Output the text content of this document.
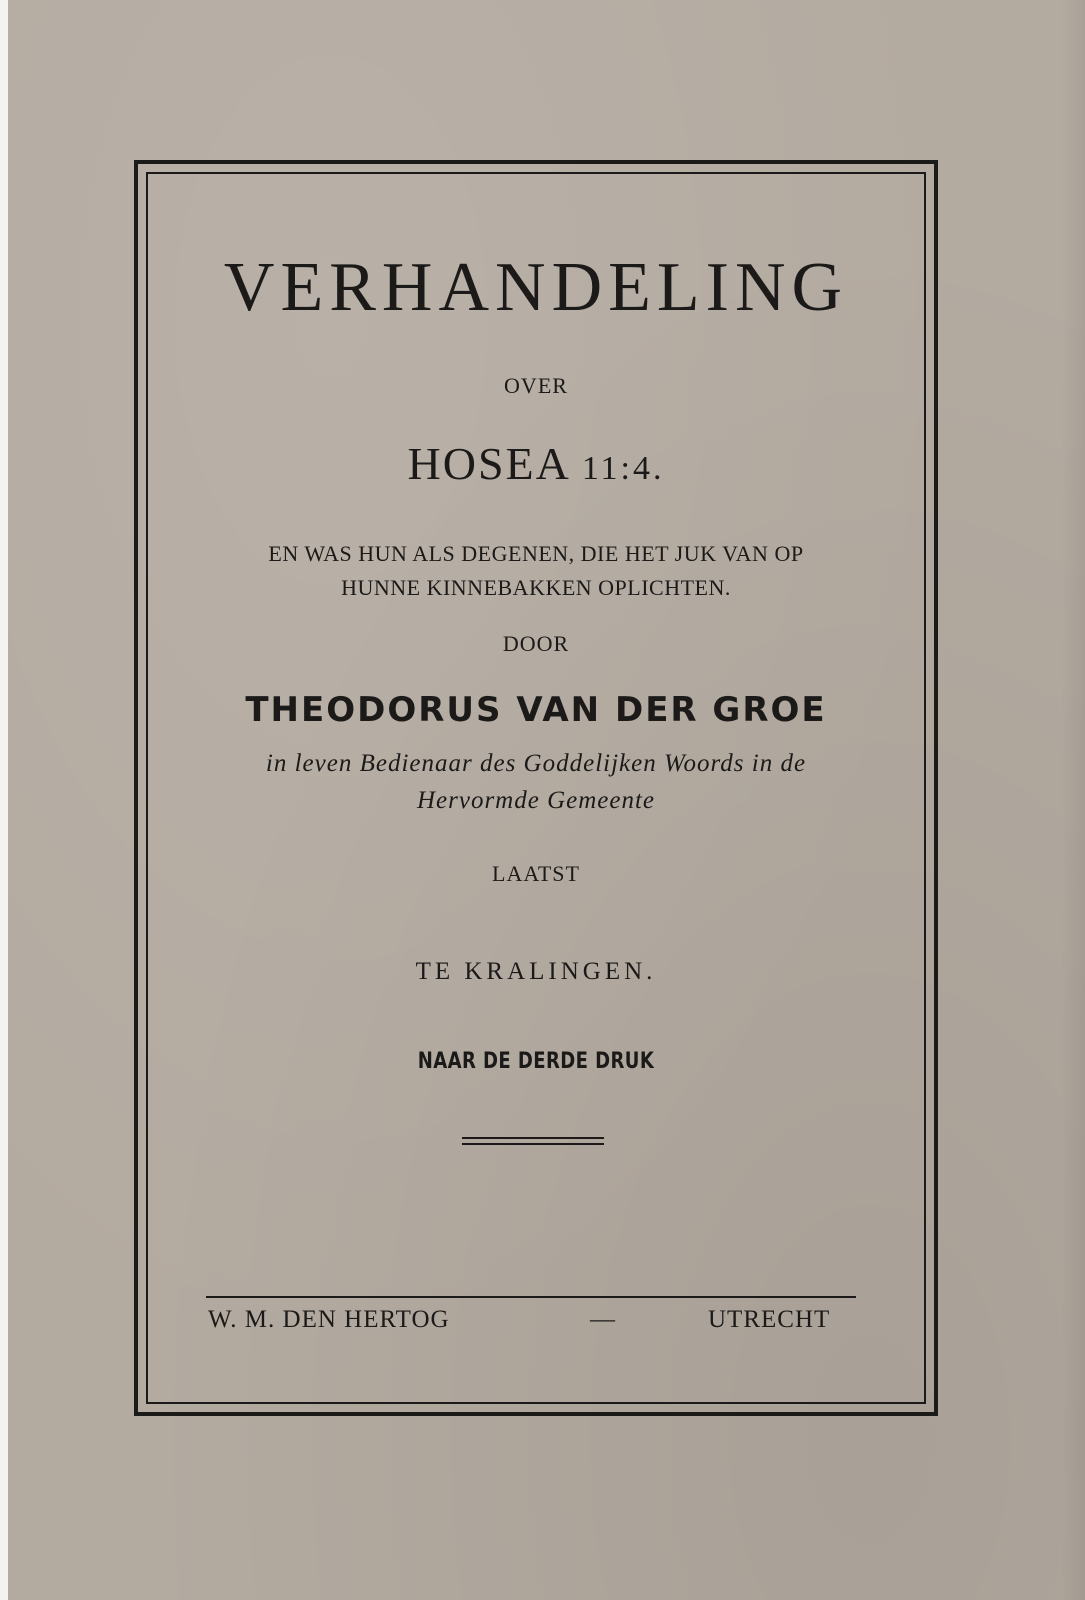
VERHANDELING
OVER
HOSEA 11:4.
EN WAS HUN ALS DEGENEN, DIE HET JUK VAN OP
HUNNE KINNEBAKKEN OPLICHTEN.
DOOR
THEODORUS VAN DER GROE
in leven Bedienaar des Goddelijken Woords in de
Hervormde Gemeente
LAATST
TE KRALINGEN.
NAAR DE DERDE DRUK
W. M. DEN HERTOG	—	UTRECHT
